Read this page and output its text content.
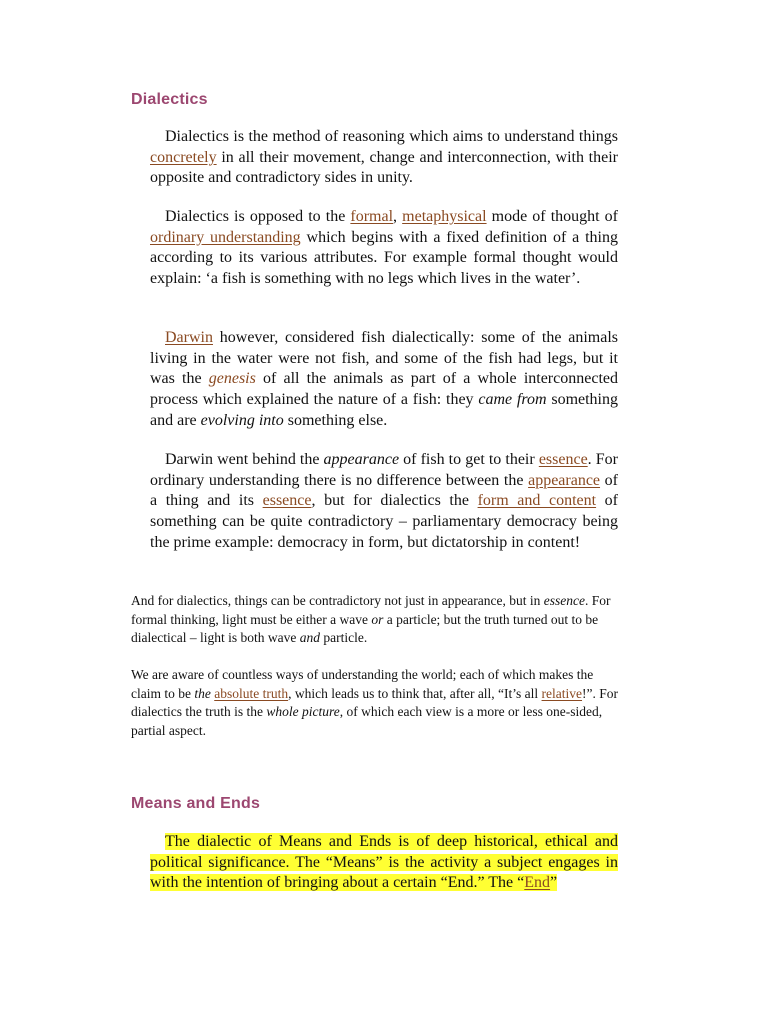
Dialectics

Dialectics is the method of reasoning which aims to understand things concretely in all their movement, change and interconnection, with their opposite and contradictory sides in unity.

Dialectics is opposed to the formal, metaphysical mode of thought of ordinary understanding which begins with a fixed definition of a thing according to its various attributes. For example formal thought would explain: ‘a fish is something with no legs which lives in the water’.

Darwin however, considered fish dialectically: some of the animals living in the water were not fish, and some of the fish had legs, but it was the genesis of all the animals as part of a whole interconnected process which explained the nature of a fish: they came from something and are evolving into something else.

Darwin went behind the appearance of fish to get to their essence. For ordinary understanding there is no difference between the appearance of a thing and its essence, but for dialectics the form and content of something can be quite contradictory – parliamentary democracy being the prime example: democracy in form, but dictatorship in content!

And for dialectics, things can be contradictory not just in appearance, but in essence. For formal thinking, light must be either a wave or a particle; but the truth turned out to be dialectical – light is both wave and particle.

We are aware of countless ways of understanding the world; each of which makes the claim to be the absolute truth, which leads us to think that, after all, “It’s all relative!”. For dialectics the truth is the whole picture, of which each view is a more or less one-sided, partial aspect.

Means and Ends

The dialectic of Means and Ends is of deep historical, ethical and political significance. The “Means” is the activity a subject engages in with the intention of bringing about a certain “End.” The “End”
